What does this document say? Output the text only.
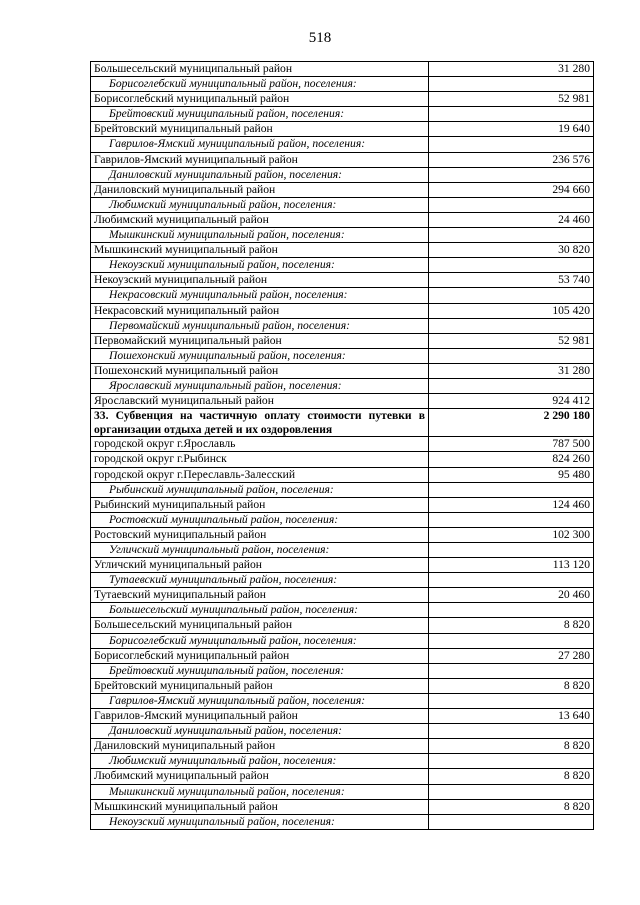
518
Большесельский муниципальный район	31 280
Борисоглебский муниципальный район, поселения:	
Борисоглебский муниципальный район	52 981
Брейтовский муниципальный район, поселения:	
Брейтовский муниципальный район	19 640
Гаврилов-Ямский муниципальный район, поселения:	
Гаврилов-Ямский муниципальный район	236 576
Даниловский муниципальный район, поселения:	
Даниловский муниципальный район	294 660
Любимский муниципальный район, поселения:	
Любимский муниципальный район	24 460
Мышкинский муниципальный район, поселения:	
Мышкинский муниципальный район	30 820
Некоузский муниципальный район, поселения:	
Некоузский муниципальный район	53 740
Некрасовский муниципальный район, поселения:	
Некрасовский муниципальный район	105 420
Первомайский муниципальный район, поселения:	
Первомайский муниципальный район	52 981
Пошехонский муниципальный район, поселения:	
Пошехонский муниципальный район	31 280
Ярославский муниципальный район, поселения:	
Ярославский муниципальный район	924 412
33. Субвенция на частичную оплату стоимости путевки в организации отдыха детей и их оздоровления	2 290 180
городской округ г.Ярославль	787 500
городской округ г.Рыбинск	824 260
городской округ г.Переславль-Залесский	95 480
Рыбинский муниципальный район, поселения:	
Рыбинский муниципальный район	124 460
Ростовский муниципальный район, поселения:	
Ростовский муниципальный район	102 300
Угличский муниципальный район, поселения:	
Угличский муниципальный район	113 120
Тутаевский муниципальный район, поселения:	
Тутаевский муниципальный район	20 460
Большесельский муниципальный район, поселения:	
Большесельский муниципальный район	8 820
Борисоглебский муниципальный район, поселения:	
Борисоглебский муниципальный район	27 280
Брейтовский муниципальный район, поселения:	
Брейтовский муниципальный район	8 820
Гаврилов-Ямский муниципальный район, поселения:	
Гаврилов-Ямский муниципальный район	13 640
Даниловский муниципальный район, поселения:	
Даниловский муниципальный район	8 820
Любимский муниципальный район, поселения:	
Любимский муниципальный район	8 820
Мышкинский муниципальный район, поселения:	
Мышкинский муниципальный район	8 820
Некоузский муниципальный район, поселения:	
